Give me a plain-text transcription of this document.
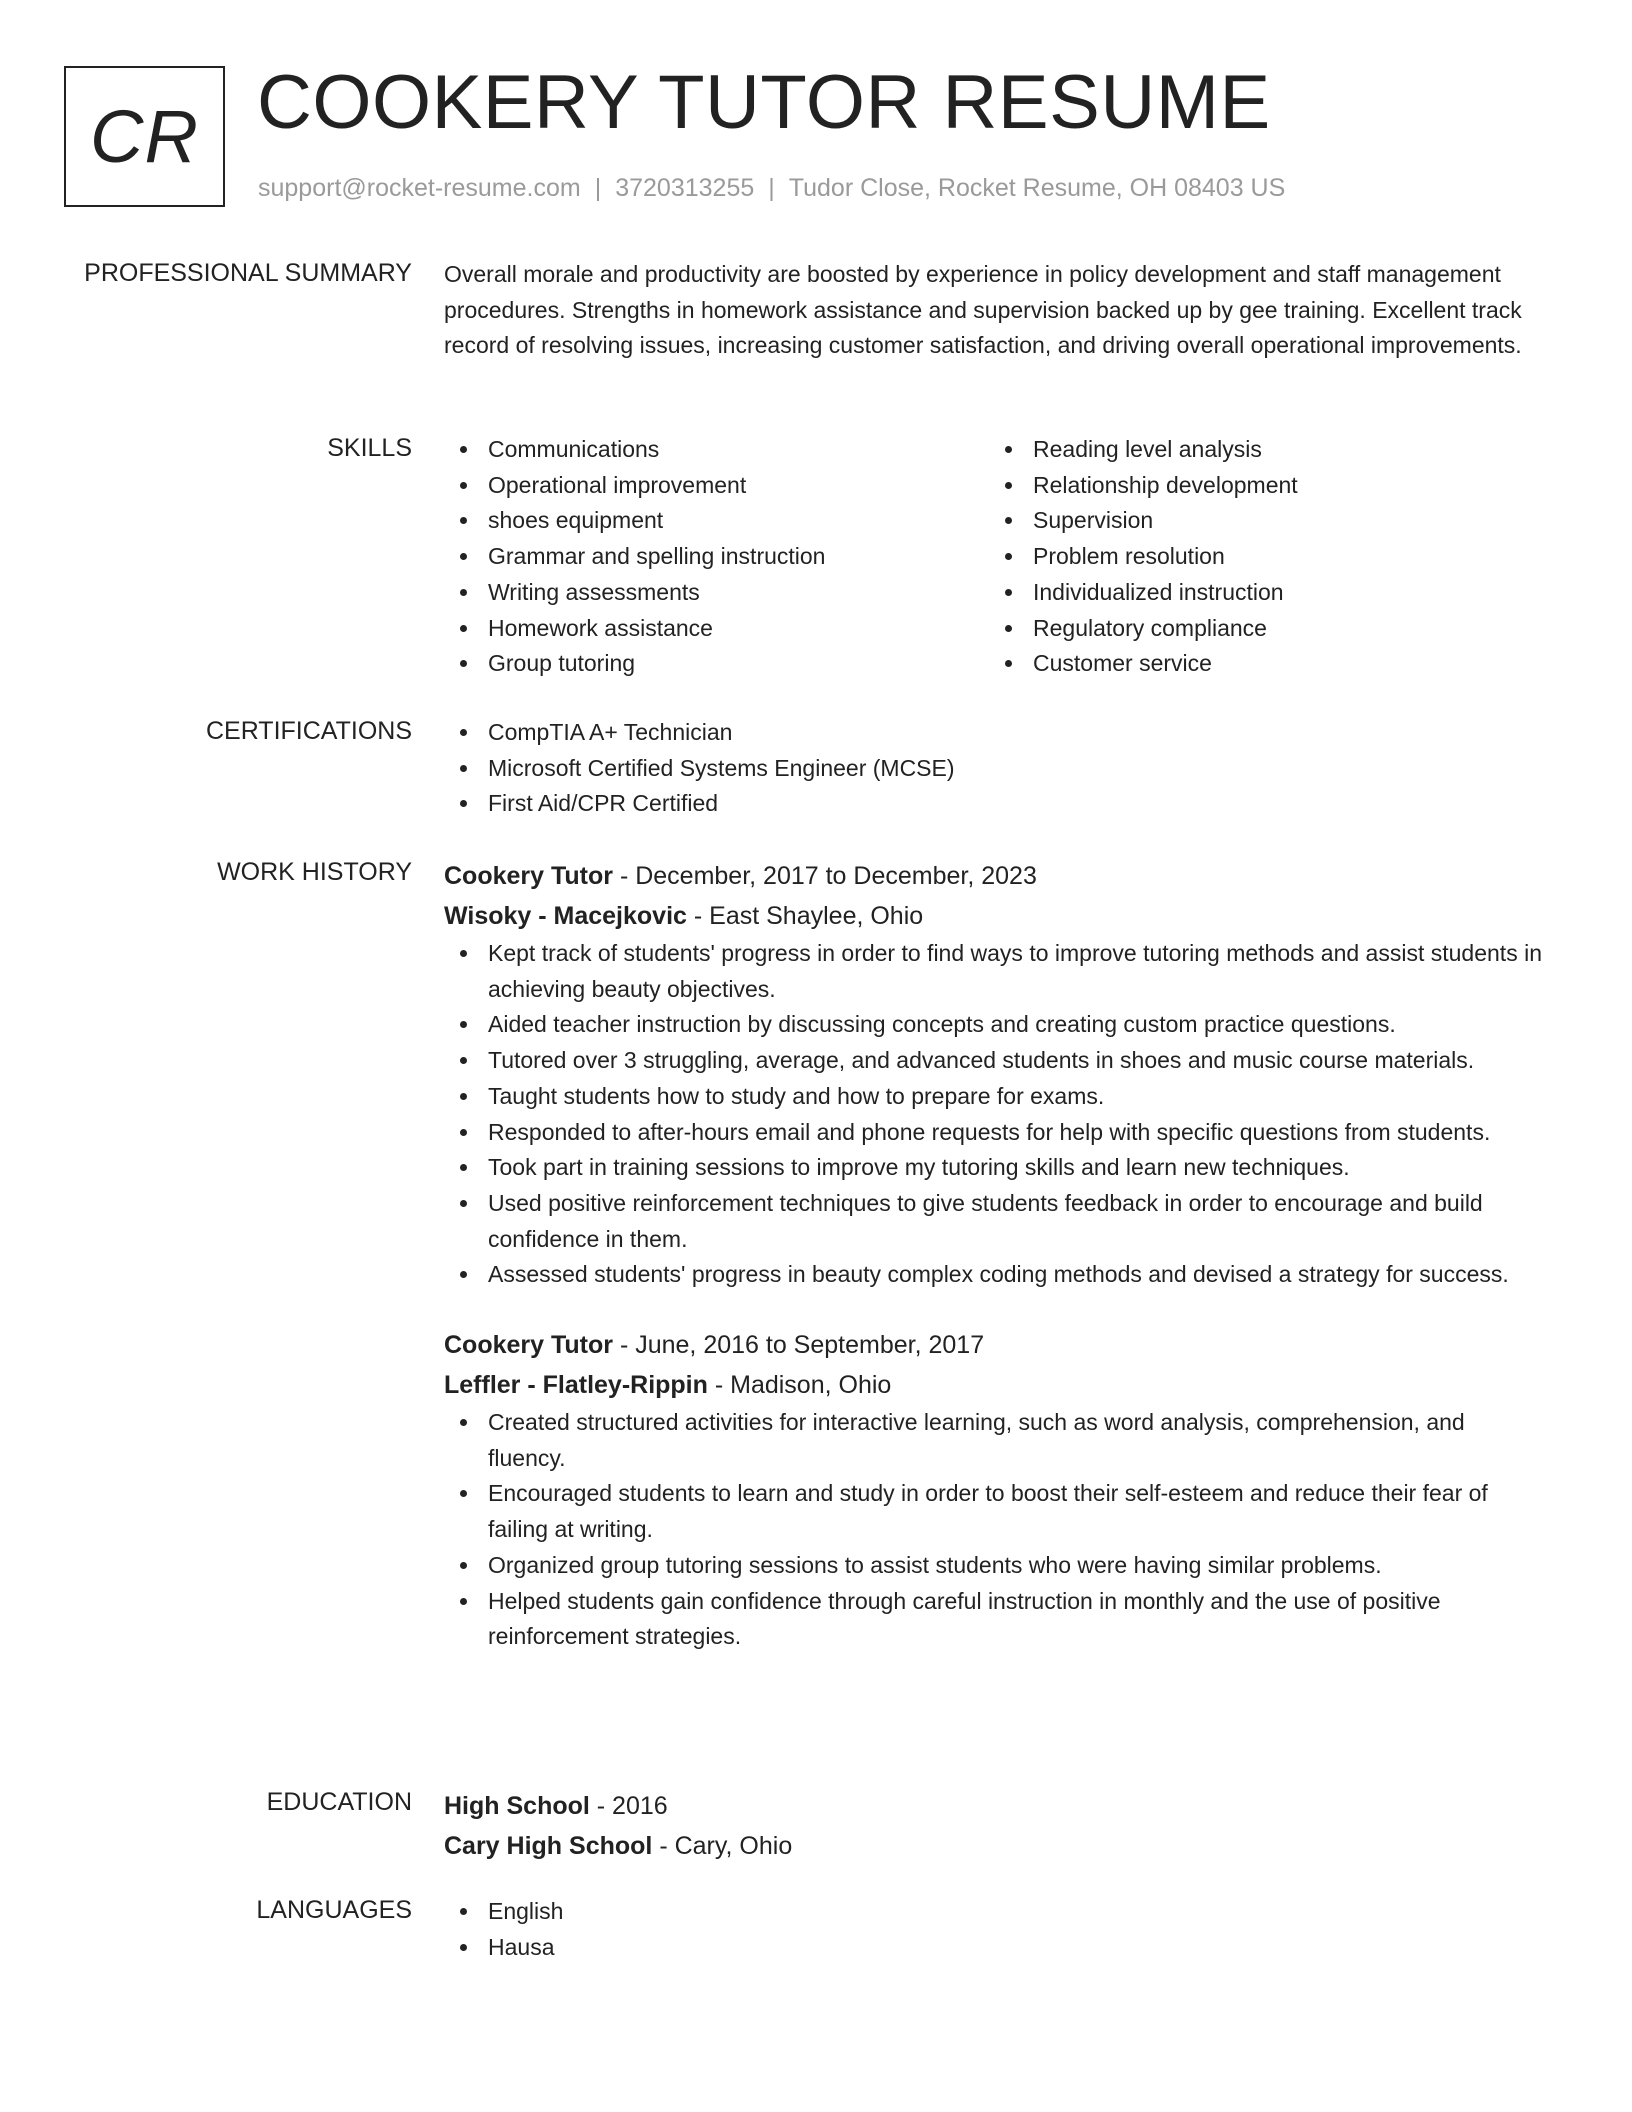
CR COOKERY TUTOR RESUME
support@rocket-resume.com | 3720313255 | Tudor Close, Rocket Resume, OH 08403 US
PROFESSIONAL SUMMARY Overall morale and productivity are boosted by experience in policy development and staff management procedures. Strengths in homework assistance and supervision backed up by gee training. Excellent track record of resolving issues, increasing customer satisfaction, and driving overall operational improvements.
SKILLS	Communications
Operational improvement
shoes equipment
Grammar and spelling instruction
Writing assessments
Homework assistance
Group tutoring
Reading level analysis
Relationship development
Supervision
Problem resolution
Individualized instruction
Regulatory compliance
Customer service
CERTIFICATIONS	CompTIA A+ Technician
Microsoft Certified Systems Engineer (MCSE)
First Aid/CPR Certified
WORK HISTORY Cookery Tutor - December, 2017 to December, 2023
Wisoky - Macejkovic - East Shaylee, Ohio
Kept track of students' progress in order to find ways to improve tutoring methods and assist students in achieving beauty objectives.
Aided teacher instruction by discussing concepts and creating custom practice questions.
Tutored over 3 struggling, average, and advanced students in shoes and music course materials.
Taught students how to study and how to prepare for exams.
Responded to after-hours email and phone requests for help with specific questions from students.
Took part in training sessions to improve my tutoring skills and learn new techniques.
Used positive reinforcement techniques to give students feedback in order to encourage and build confidence in them.
Assessed students' progress in beauty complex coding methods and devised a strategy for success.
Cookery Tutor - June, 2016 to September, 2017
Leffler - Flatley-Rippin - Madison, Ohio
Created structured activities for interactive learning, such as word analysis, comprehension, and fluency.
Encouraged students to learn and study in order to boost their self-esteem and reduce their fear of failing at writing.
Organized group tutoring sessions to assist students who were having similar problems.
Helped students gain confidence through careful instruction in monthly and the use of positive reinforcement strategies.
EDUCATION High School - 2016
Cary High School - Cary, Ohio
LANGUAGES	English
Hausa
